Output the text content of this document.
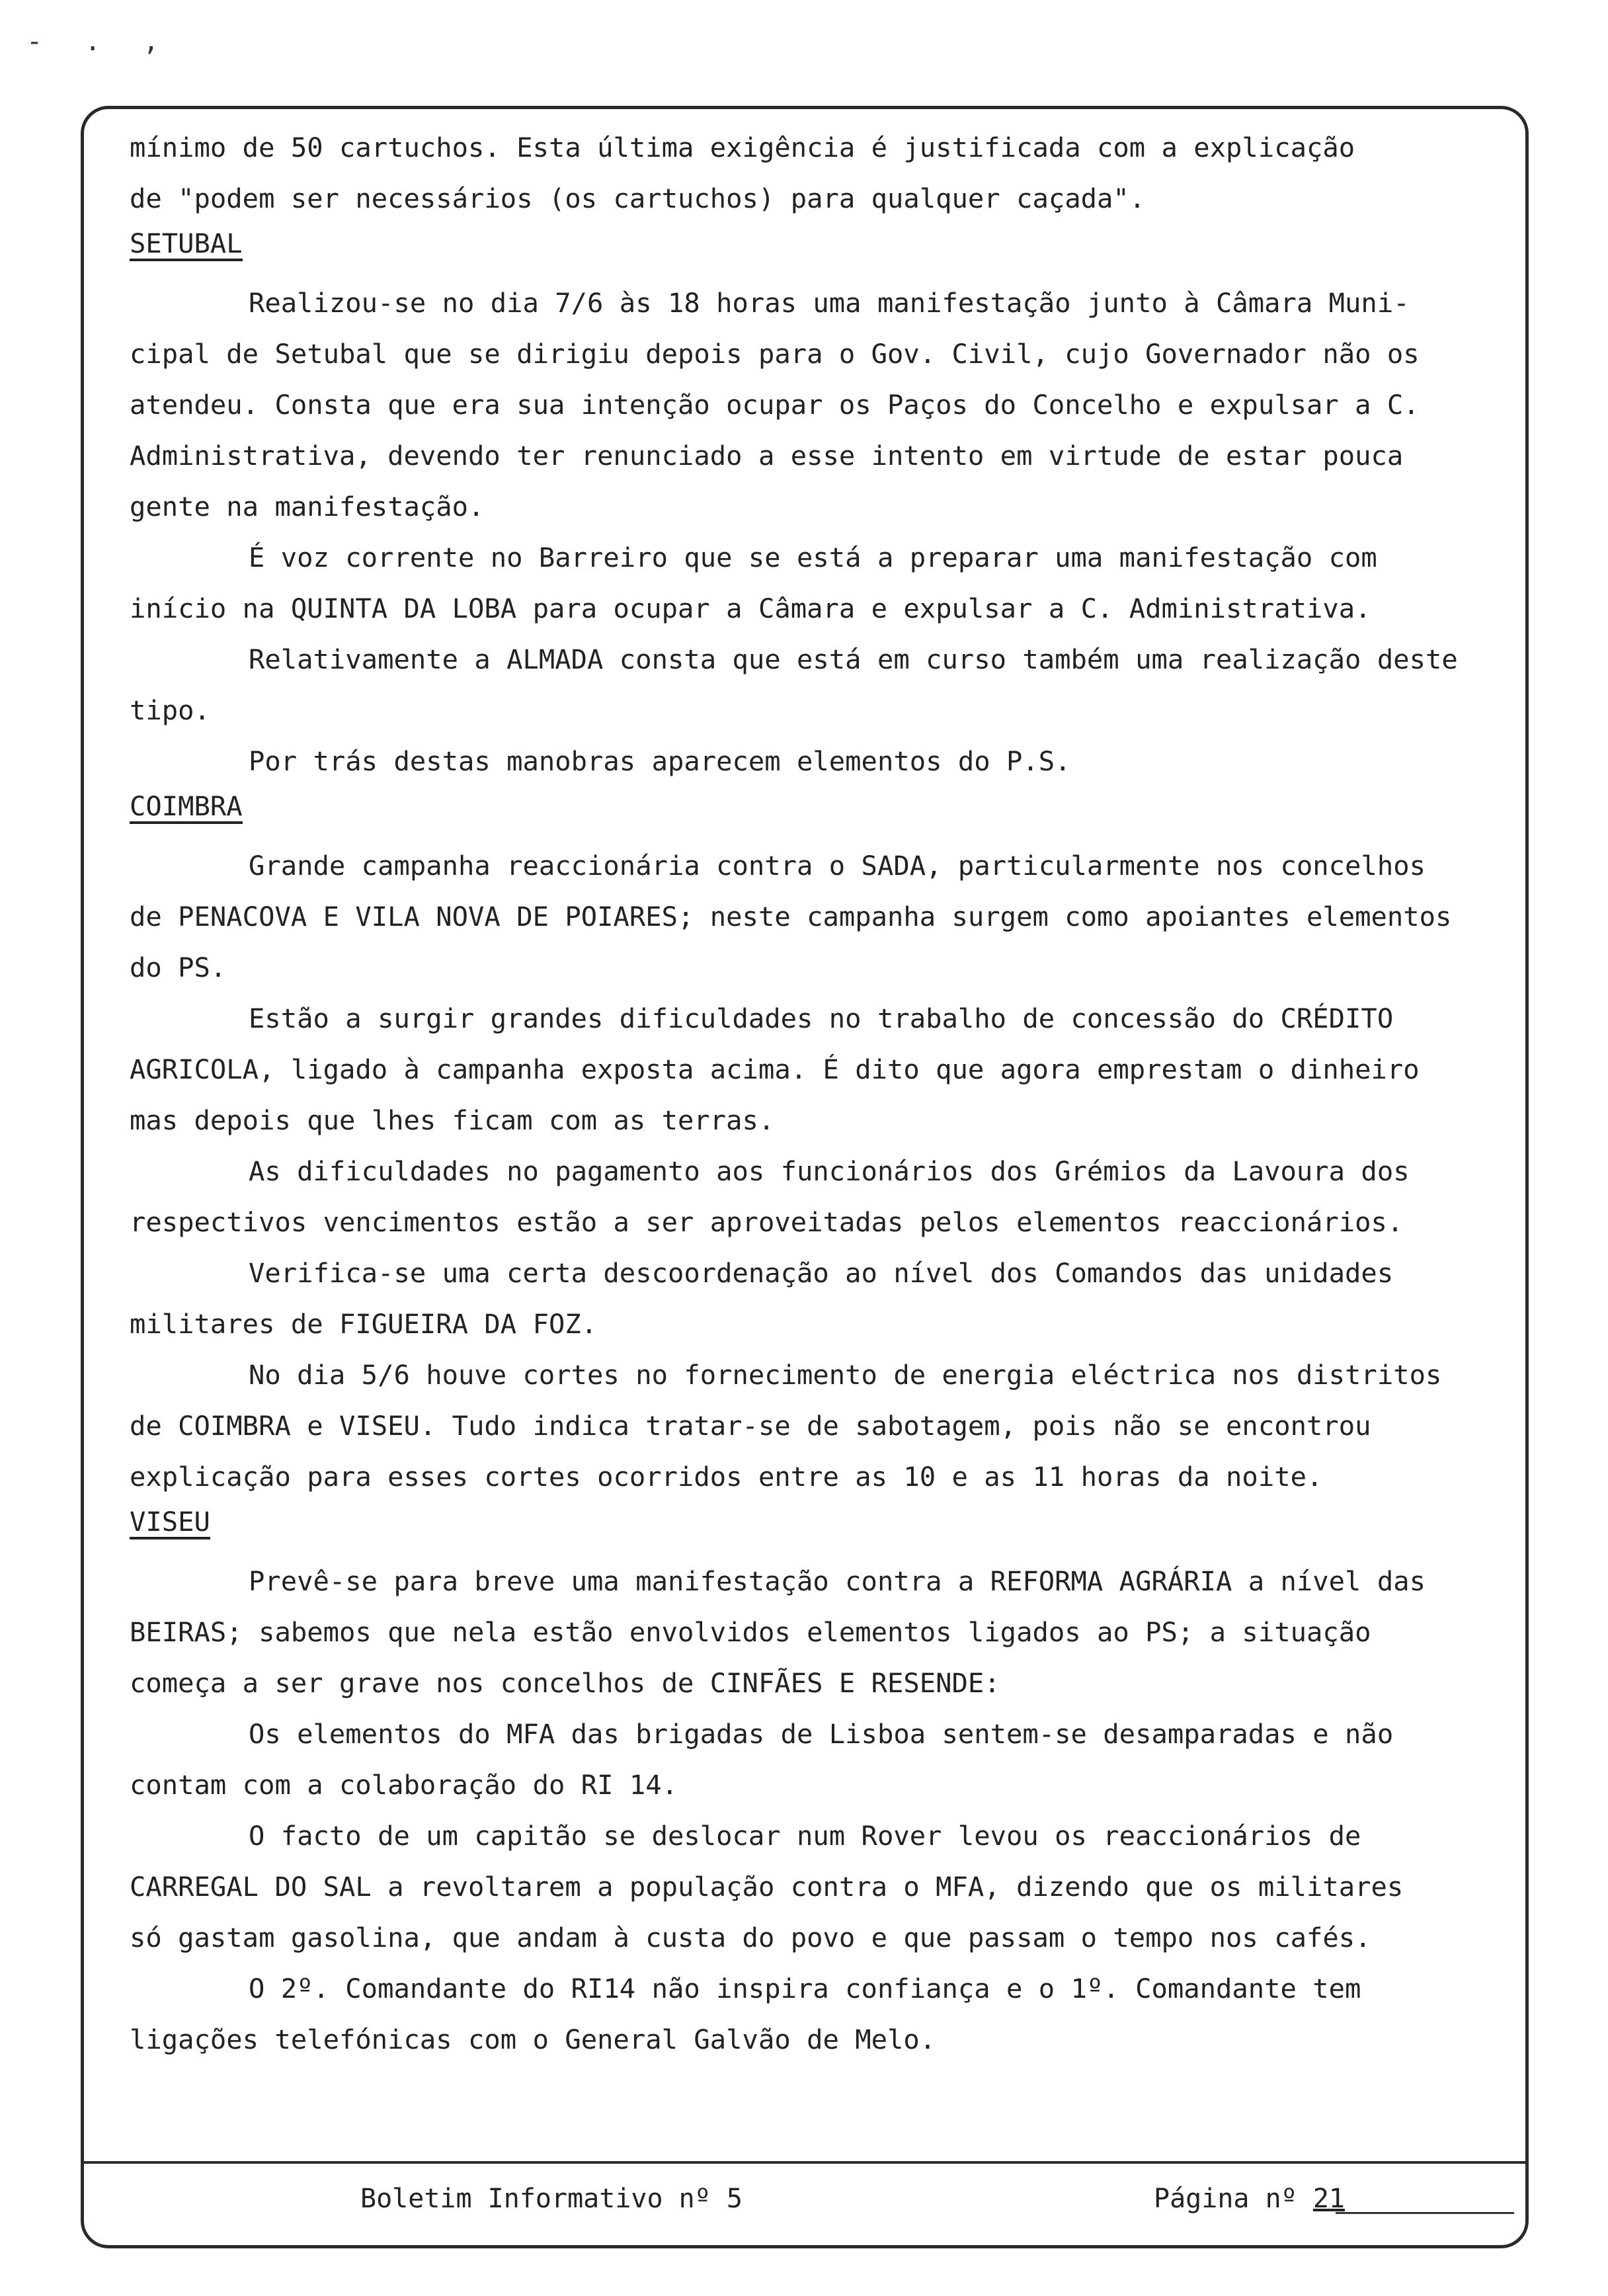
- . ,
mínimo de 50 cartuchos. Esta última exigência é justificada com a explicação
de "podem ser necessários (os cartuchos) para qualquer caçada".
SETUBAL
Realizou-se no dia 7/6 às 18 horas uma manifestação junto à Câmara Muni-
cipal de Setubal que se dirigiu depois para o Gov. Civil, cujo Governador não os
atendeu. Consta que era sua intenção ocupar os Paços do Concelho e expulsar a C.
Administrativa, devendo ter renunciado a esse intento em virtude de estar pouca
gente na manifestação.
É voz corrente no Barreiro que se está a preparar uma manifestação com
início na QUINTA DA LOBA para ocupar a Câmara e expulsar a C. Administrativa.
Relativamente a ALMADA consta que está em curso também uma realização deste
tipo.
Por trás destas manobras aparecem elementos do P.S.
COIMBRA
Grande campanha reaccionária contra o SADA, particularmente nos concelhos
de PENACOVA E VILA NOVA DE POIARES; neste campanha surgem como apoiantes elementos
do PS.
Estão a surgir grandes dificuldades no trabalho de concessão do CRÉDITO
AGRICOLA, ligado à campanha exposta acima. É dito que agora emprestam o dinheiro
mas depois que lhes ficam com as terras.
As dificuldades no pagamento aos funcionários dos Grémios da Lavoura dos
respectivos vencimentos estão a ser aproveitadas pelos elementos reaccionários.
Verifica-se uma certa descoordenação ao nível dos Comandos das unidades
militares de FIGUEIRA DA FOZ.
No dia 5/6 houve cortes no fornecimento de energia eléctrica nos distritos
de COIMBRA e VISEU. Tudo indica tratar-se de sabotagem, pois não se encontrou
explicação para esses cortes ocorridos entre as 10 e as 11 horas da noite.
VISEU
Prevê-se para breve uma manifestação contra a REFORMA AGRÁRIA a nível das
BEIRAS; sabemos que nela estão envolvidos elementos ligados ao PS; a situação
começa a ser grave nos concelhos de CINFÃES E RESENDE:
Os elementos do MFA das brigadas de Lisboa sentem-se desamparadas e não
contam com a colaboração do RI 14.
O facto de um capitão se deslocar num Rover levou os reaccionários de
CARREGAL DO SAL a revoltarem a população contra o MFA, dizendo que os militares
só gastam gasolina, que andam à custa do povo e que passam o tempo nos cafés.
O 2º. Comandante do RI14 não inspira confiança e o 1º. Comandante tem
ligações telefónicas com o General Galvão de Melo.
Boletim Informativo nº 5	Página nº 21
